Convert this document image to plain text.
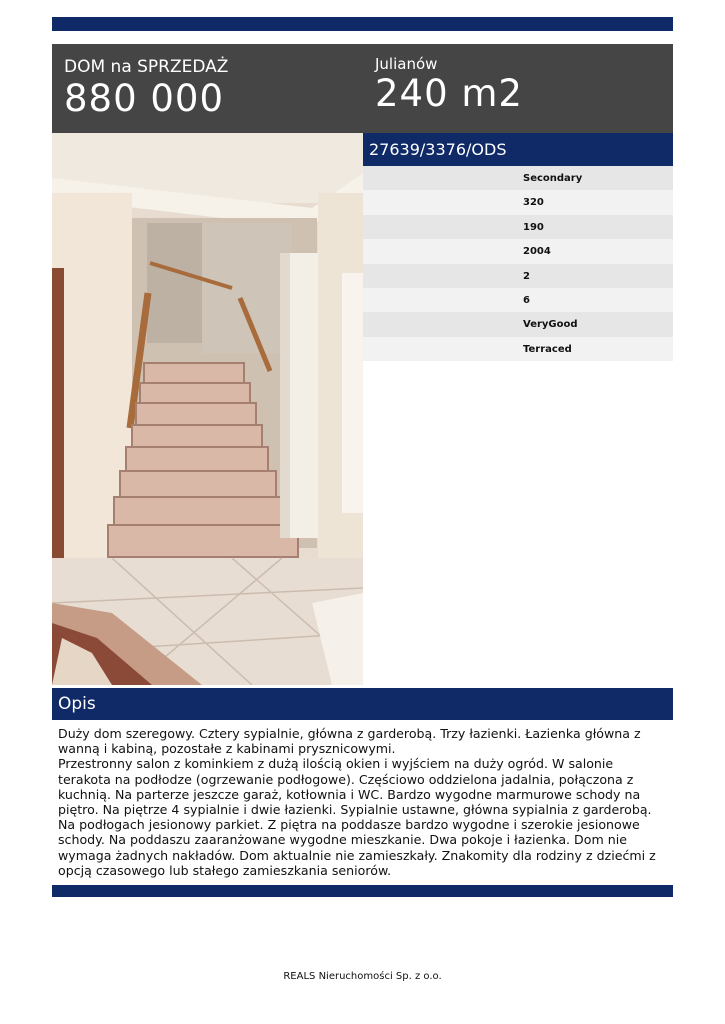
DOM na SPRZEDAŻ
880 000
Julianów
240 m2
27639/3376/ODS
Secondary
320
190
2004
2
6
VeryGood
Terraced
Opis
Duży dom szeregowy. Cztery sypialnie, główna z garderobą. Trzy łazienki. Łazienka główna z wanną i kabiną, pozostałe z kabinami prysznicowymi.
Przestronny salon z kominkiem z dużą ilością okien i wyjściem na duży ogród. W salonie terakota na podłodze (ogrzewanie podłogowe). Częściowo oddzielona jadalnia, połączona z kuchnią. Na parterze jeszcze garaż, kotłownia i WC. Bardzo wygodne marmurowe schody na piętro. Na piętrze 4 sypialnie i dwie łazienki. Sypialnie ustawne, główna sypialnia z garderobą. Na podłogach jesionowy parkiet. Z piętra na poddasze bardzo wygodne i szerokie jesionowe schody. Na poddaszu zaaranżowane wygodne mieszkanie. Dwa pokoje i łazienka. Dom nie wymaga żadnych nakładów. Dom aktualnie nie zamieszkały. Znakomity dla rodziny z dziećmi z opcją czasowego lub stałego zamieszkania seniorów.
REALS Nieruchomości Sp. z o.o.
